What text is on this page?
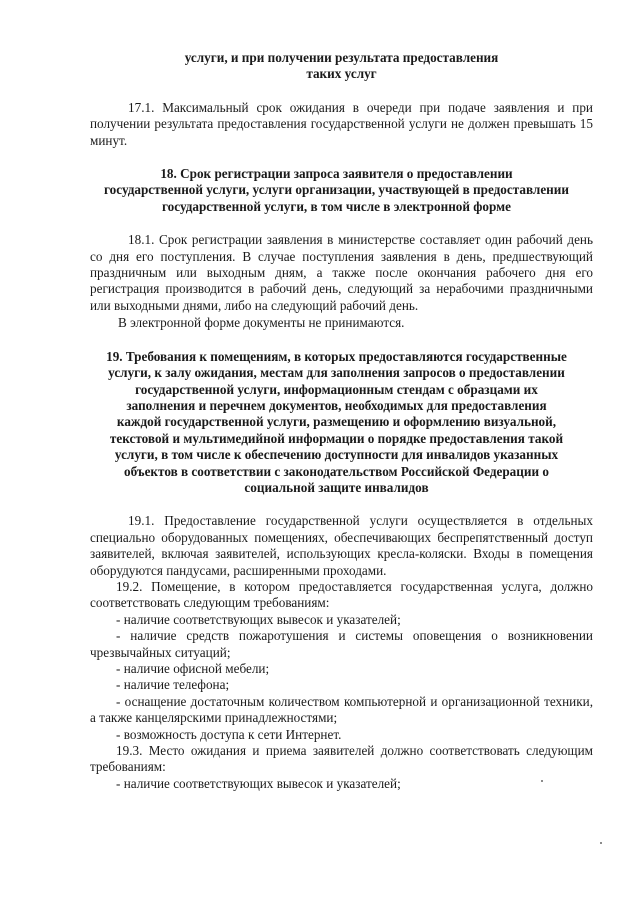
услуги, и при получении результата предоставления
таких услуг

17.1. Максимальный срок ожидания в очереди при подаче заявления и при получении результата предоставления государственной услуги не должен превышать 15 минут.

18. Срок регистрации запроса заявителя о предоставлении
государственной услуги, услуги организации, участвующей в предоставлении
государственной услуги, в том числе в электронной форме

18.1. Срок регистрации заявления в министерстве составляет один рабочий день со дня его поступления. В случае поступления заявления в день, предшествующий праздничным или выходным дням, а также после окончания рабочего дня его регистрация производится в рабочий день, следующий за нерабочими праздничными или выходными днями, либо на следующий рабочий день.

В электронной форме документы не принимаются.

19. Требования к помещениям, в которых предоставляются государственные
услуги, к залу ожидания, местам для заполнения запросов о предоставлении
государственной услуги, информационным стендам с образцами их
заполнения и перечнем документов, необходимых для предоставления
каждой государственной услуги, размещению и оформлению визуальной,
текстовой и мультимедийной информации о порядке предоставления такой
услуги, в том числе к обеспечению доступности для инвалидов указанных
объектов в соответствии с законодательством Российской Федерации о
социальной защите инвалидов

19.1. Предоставление государственной услуги осуществляется в отдельных специально оборудованных помещениях, обеспечивающих беспрепятственный доступ заявителей, включая заявителей, использующих кресла-коляски. Входы в помещения оборудуются пандусами, расширенными проходами.

19.2. Помещение, в котором предоставляется государственная услуга, должно соответствовать следующим требованиям:

- наличие соответствующих вывесок и указателей;

- наличие средств пожаротушения и системы оповещения о возникновении чрезвычайных ситуаций;

- наличие офисной мебели;

- наличие телефона;

- оснащение достаточным количеством компьютерной и организационной техники, а также канцелярскими принадлежностями;

- возможность доступа к сети Интернет.

19.3. Место ожидания и приема заявителей должно соответствовать следующим требованиям:

- наличие соответствующих вывесок и указателей;
